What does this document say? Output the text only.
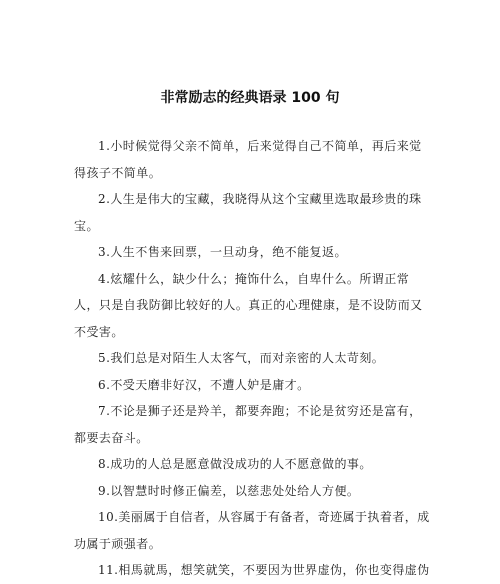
非常励志的经典语录 100 句

1.小时候觉得父亲不简单，后来觉得自己不简单，再后来觉得孩子不简单。

2.人生是伟大的宝藏，我晓得从这个宝藏里选取最珍贵的珠宝。

3.人生不售来回票，一旦动身，绝不能复返。

4.炫耀什么，缺少什么；掩饰什么，自卑什么。所谓正常人，只是自我防御比较好的人。真正的心理健康，是不设防而又不受害。

5.我们总是对陌生人太客气，而对亲密的人太苛刻。

6.不受天磨非好汉，不遭人妒是庸才。

7.不论是狮子还是羚羊，都要奔跑；不论是贫穷还是富有，都要去奋斗。

8.成功的人总是愿意做没成功的人不愿意做的事。

9.以智慧时时修正偏差，以慈悲处处给人方便。

10.美丽属于自信者，从容属于有备者，奇迹属于执着者，成功属于顽强者。

11.相馬就馬，想笑就笑，不要因为世界虚伪，你也变得虚伪
